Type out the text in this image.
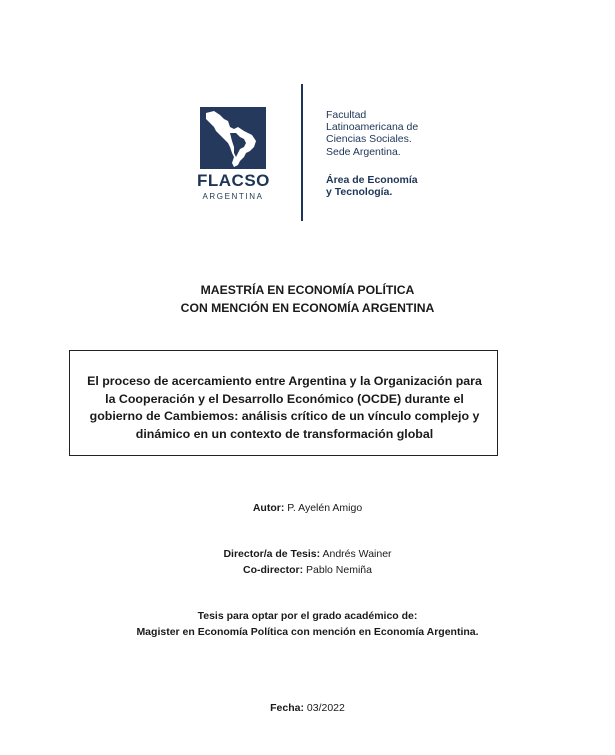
FLACSO
ARGENTINA
Facultad
Latinoamericana de
Ciencias Sociales.
Sede Argentina.
Área de Economía
y Tecnología.
MAESTRÍA EN ECONOMÍA POLÍTICA
CON MENCIÓN EN ECONOMÍA ARGENTINA
El proceso de acercamiento entre Argentina y la Organización para
la Cooperación y el Desarrollo Económico (OCDE) durante el
gobierno de Cambiemos: análisis crítico de un vínculo complejo y
dinámico en un contexto de transformación global
Autor: P. Ayelén Amigo
Director/a de Tesis: Andrés Wainer
Co-director: Pablo Nemiña
Tesis para optar por el grado académico de:
Magister en Economía Política con mención en Economía Argentina.
Fecha: 03/2022
